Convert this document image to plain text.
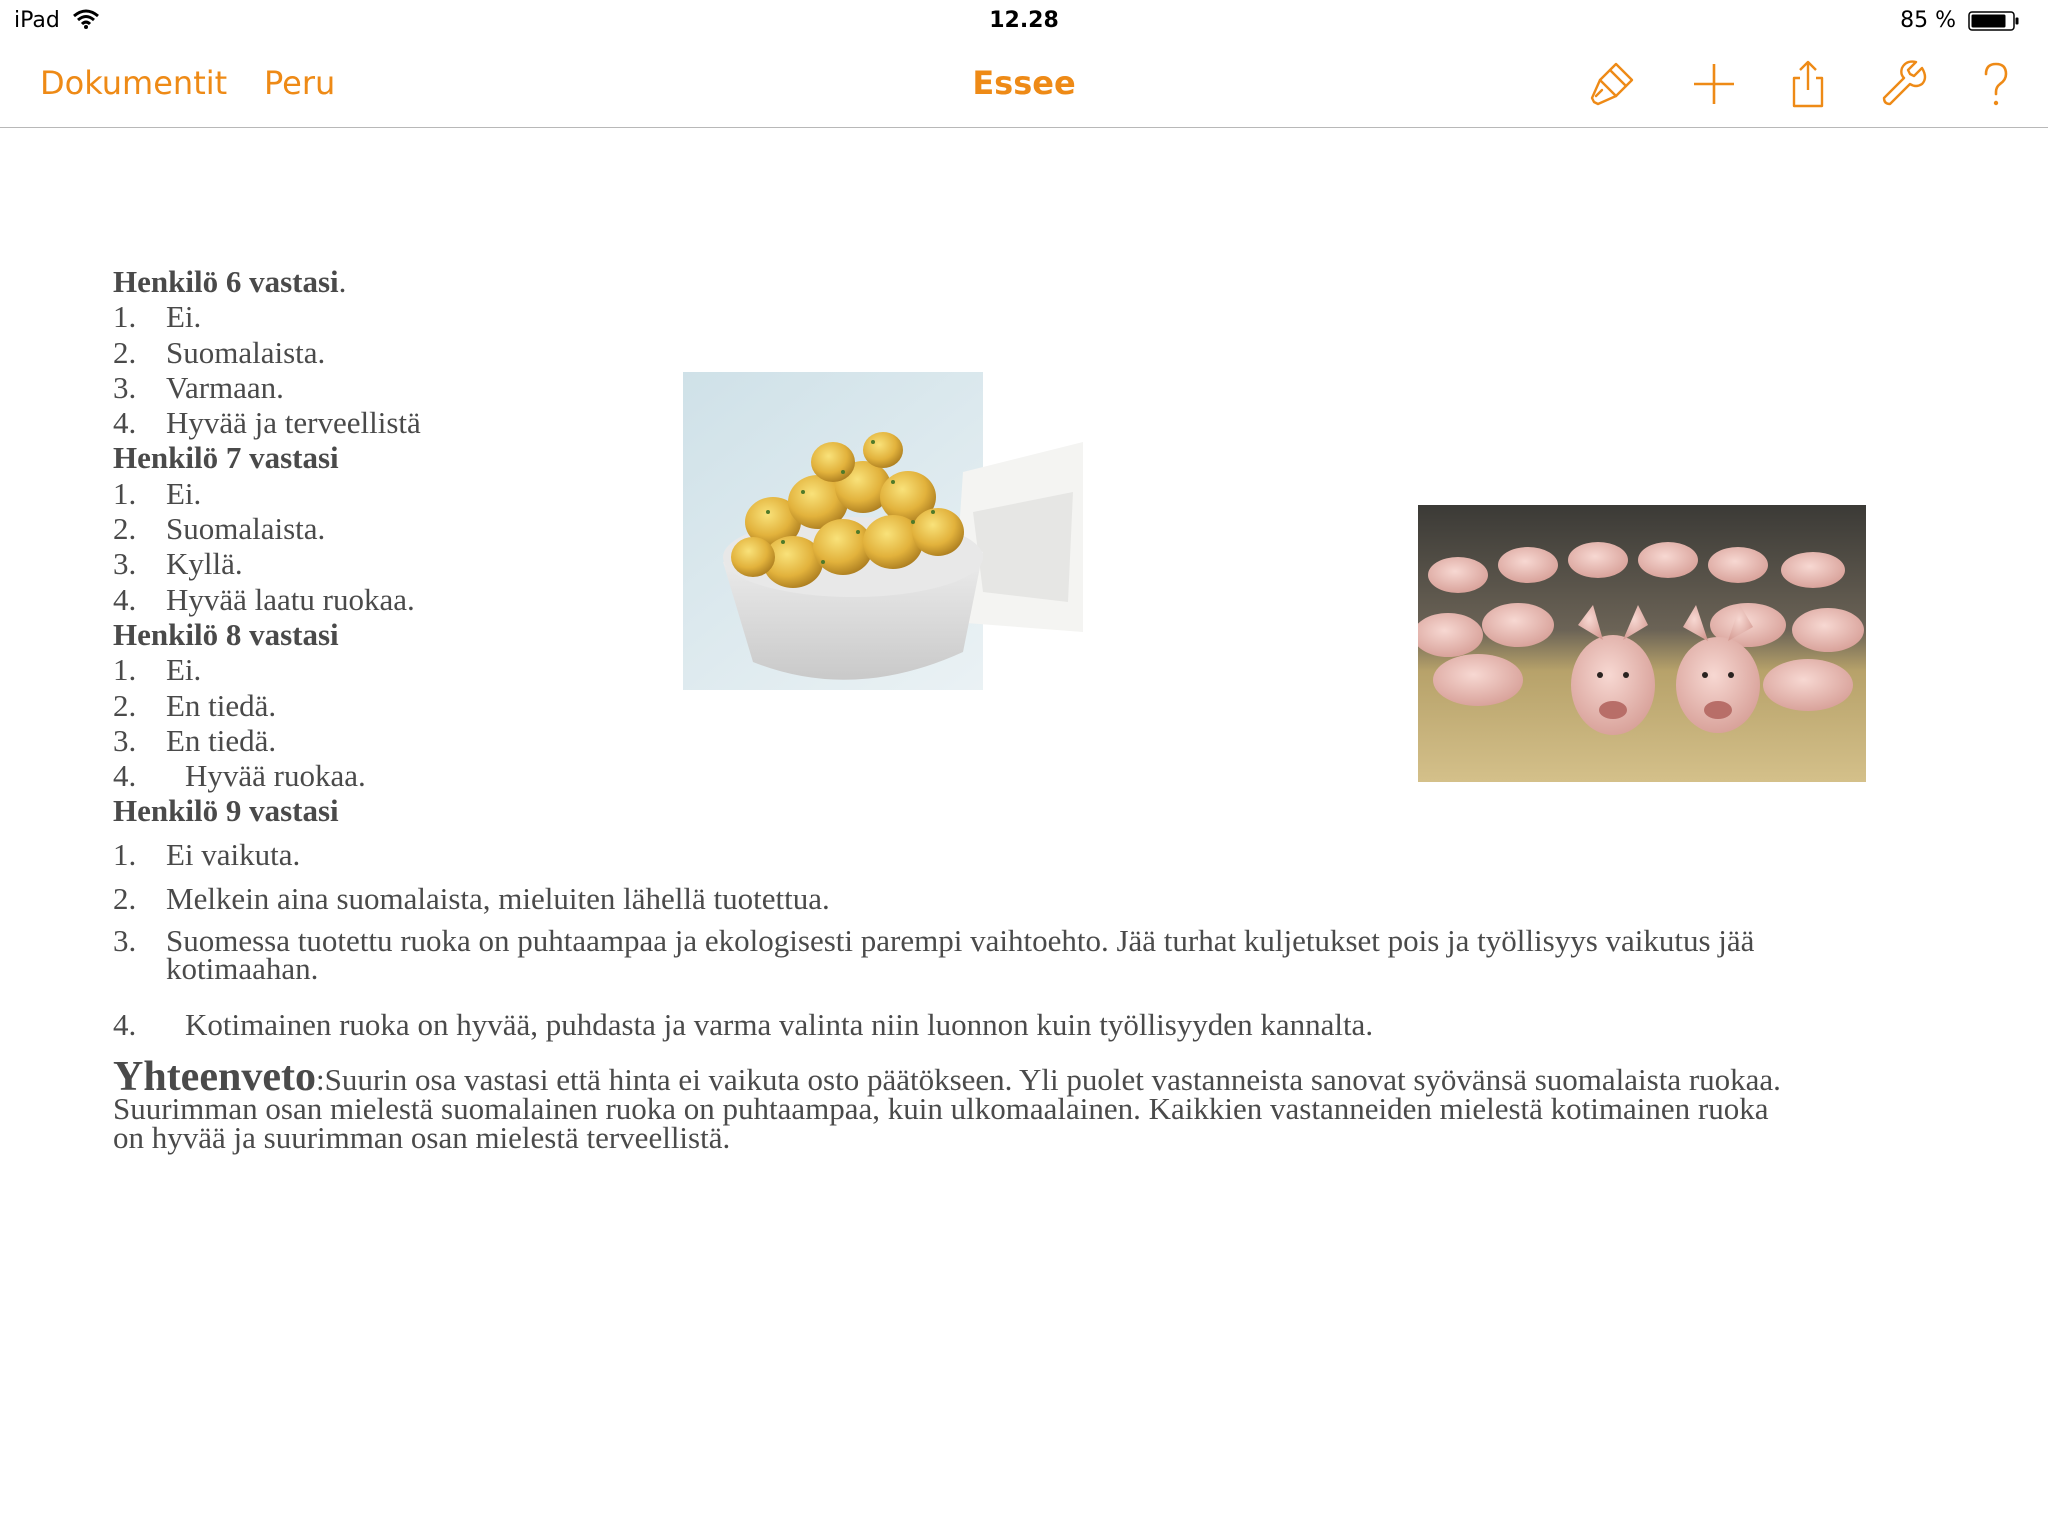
iPad	12.28	85 %
Dokumentit Peru	Essee
Henkilö 6 vastasi.
1. Ei.
2. Suomalaista.
3. Varmaan.
4. Hyvää ja terveellistä
Henkilö 7 vastasi
1. Ei.
2. Suomalaista.
3. Kyllä.
4. Hyvää laatu ruokaa.
Henkilö 8 vastasi
1. Ei.
2. En tiedä.
3. En tiedä.
4. Hyvää ruokaa.
Henkilö 9 vastasi
1. Ei vaikuta.
2. Melkein aina suomalaista, mieluiten lähellä tuotettua.
3. Suomessa tuotettu ruoka on puhtaampaa ja ekologisesti parempi vaihtoehto. Jää turhat kuljetukset pois ja työllisyys vaikutus jää kotimaahan.
4. Kotimainen ruoka on hyvää, puhdasta ja varma valinta niin luonnon kuin työllisyyden kannalta.
Yhteenveto:Suurin osa vastasi että hinta ei vaikuta osto päätökseen. Yli puolet vastanneista sanovat syövänsä suomalaista ruokaa. Suurimman osan mielestä suomalainen ruoka on puhtaampaa, kuin ulkomaalainen. Kaikkien vastanneiden mielestä kotimainen ruoka on hyvää ja suurimman osan mielestä terveellistä.
